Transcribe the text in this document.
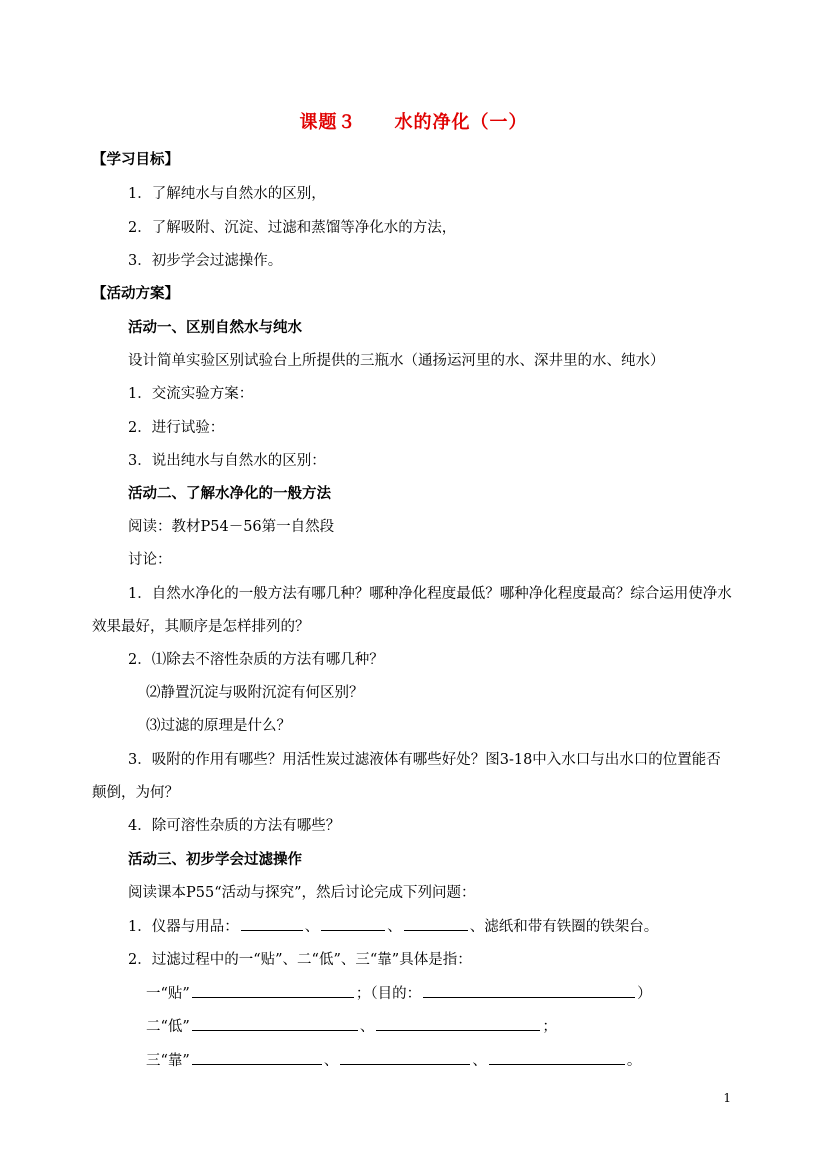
课题３ 水的净化（一）
【学习目标】
1．了解纯水与自然水的区别，
2．了解吸附、沉淀、过滤和蒸馏等净化水的方法，
3．初步学会过滤操作。
【活动方案】
活动一、区别自然水与纯水
设计简单实验区别试验台上所提供的三瓶水（通扬运河里的水、深井里的水、纯水）
1．交流实验方案：
2．进行试验：
3．说出纯水与自然水的区别：
活动二、了解水净化的一般方法
阅读：教材P54－56第一自然段
讨论：
1．自然水净化的一般方法有哪几种？哪种净化程度最低？哪种净化程度最高？综合运用使净水
效果最好，其顺序是怎样排列的？
2．⑴除去不溶性杂质的方法有哪几种？
⑵静置沉淀与吸附沉淀有何区别？
⑶过滤的原理是什么？
3．吸附的作用有哪些？用活性炭过滤液体有哪些好处？图3-18中入水口与出水口的位置能否
颠倒，为何？
4．除可溶性杂质的方法有哪些？
活动三、初步学会过滤操作
阅读课本P55“活动与探究”，然后讨论完成下列问题：
1．仪器与用品：	、	、	、滤纸和带有铁圈的铁架台。
2．过滤过程中的一“贴”、二“低”、三“靠”具体是指：
一“贴”	；（目的：	）
二“低”	、	；
三“靠”	、	、	。
1
